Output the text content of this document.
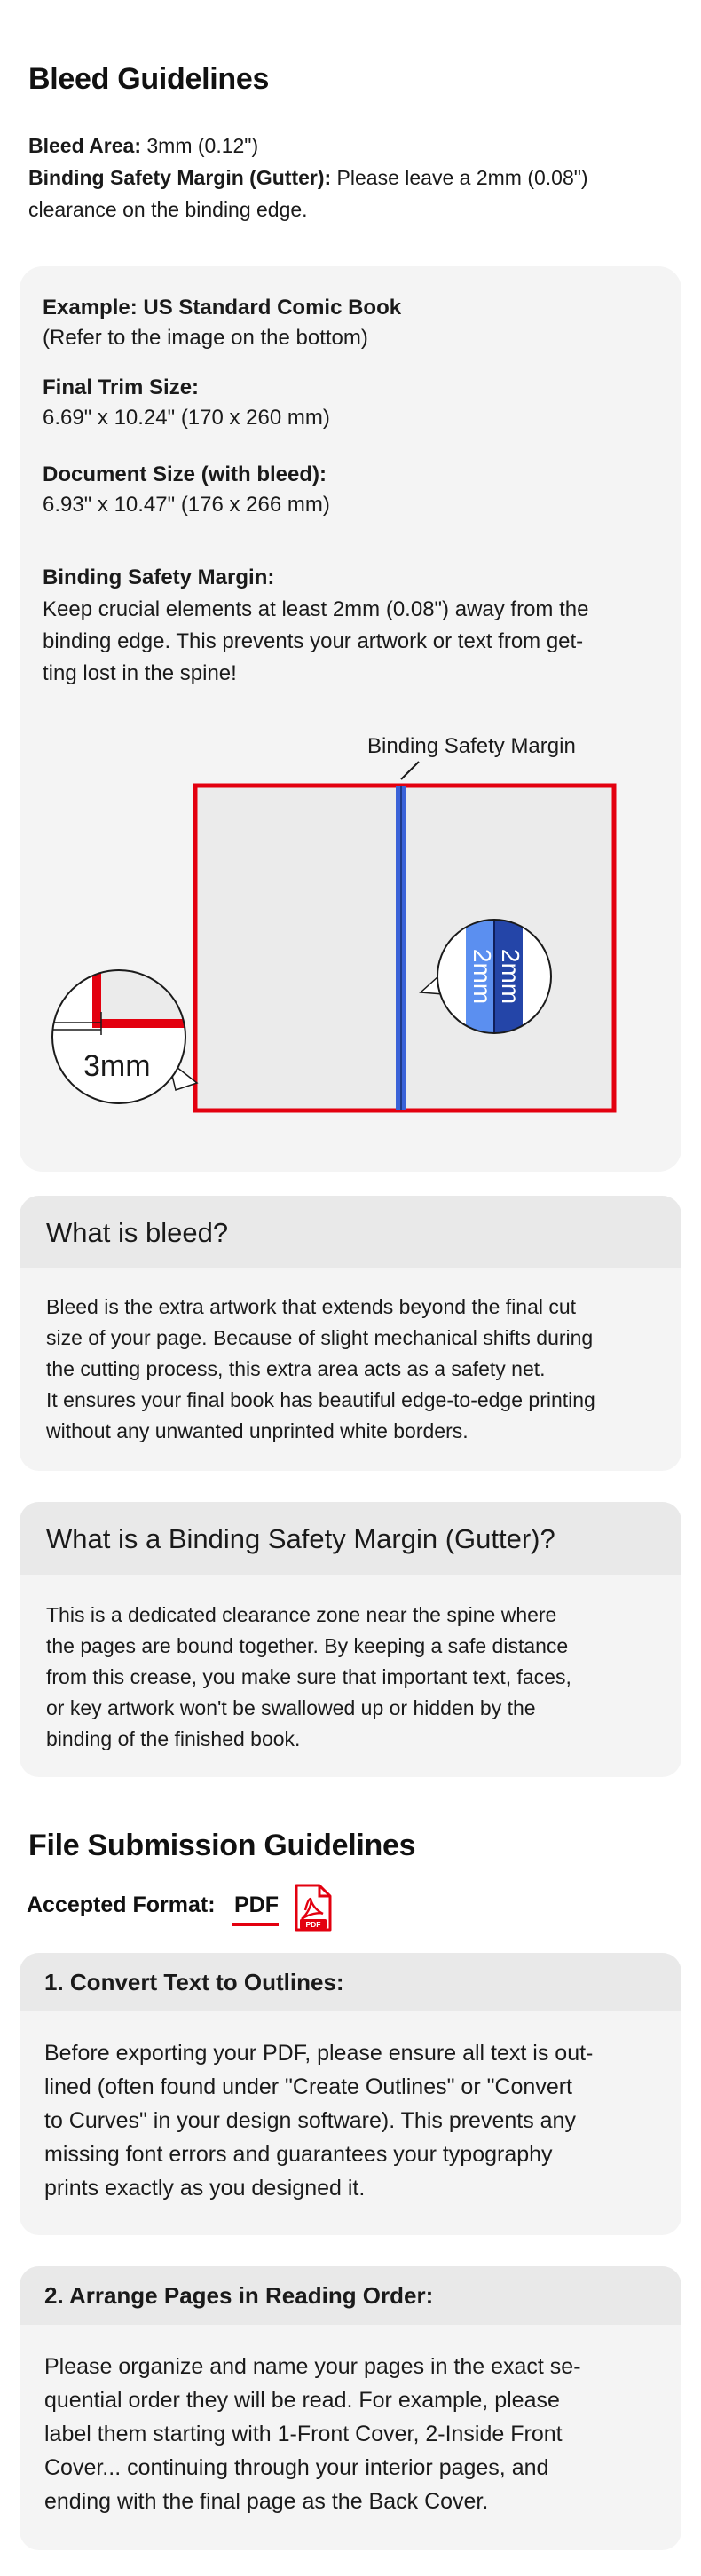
Bleed Guidelines
Bleed Area: 3mm (0.12")
Binding Safety Margin (Gutter): Please leave a 2mm (0.08")
clearance on the binding edge.
Example: US Standard Comic Book
(Refer to the image on the bottom)
Final Trim Size:
6.69" x 10.24" (170 x 260 mm)
Document Size (with bleed):
6.93" x 10.47" (176 x 266 mm)
Binding Safety Margin:
Keep crucial elements at least 2mm (0.08") away from the
binding edge. This prevents your artwork or text from get-
ting lost in the spine!
Binding Safety Margin
2mm 2mm
3mm
What is bleed?
Bleed is the extra artwork that extends beyond the final cut
size of your page. Because of slight mechanical shifts during
the cutting process, this extra area acts as a safety net.
It ensures your final book has beautiful edge-to-edge printing
without any unwanted unprinted white borders.
What is a Binding Safety Margin (Gutter)?
This is a dedicated clearance zone near the spine where
the pages are bound together. By keeping a safe distance
from this crease, you make sure that important text, faces,
or key artwork won't be swallowed up or hidden by the
binding of the finished book.
File Submission Guidelines
Accepted Format: PDF
PDF
1. Convert Text to Outlines:
Before exporting your PDF, please ensure all text is out-
lined (often found under "Create Outlines" or "Convert
to Curves" in your design software). This prevents any
missing font errors and guarantees your typography
prints exactly as you designed it.
2. Arrange Pages in Reading Order:
Please organize and name your pages in the exact se-
quential order they will be read. For example, please
label them starting with 1-Front Cover, 2-Inside Front
Cover... continuing through your interior pages, and
ending with the final page as the Back Cover.
